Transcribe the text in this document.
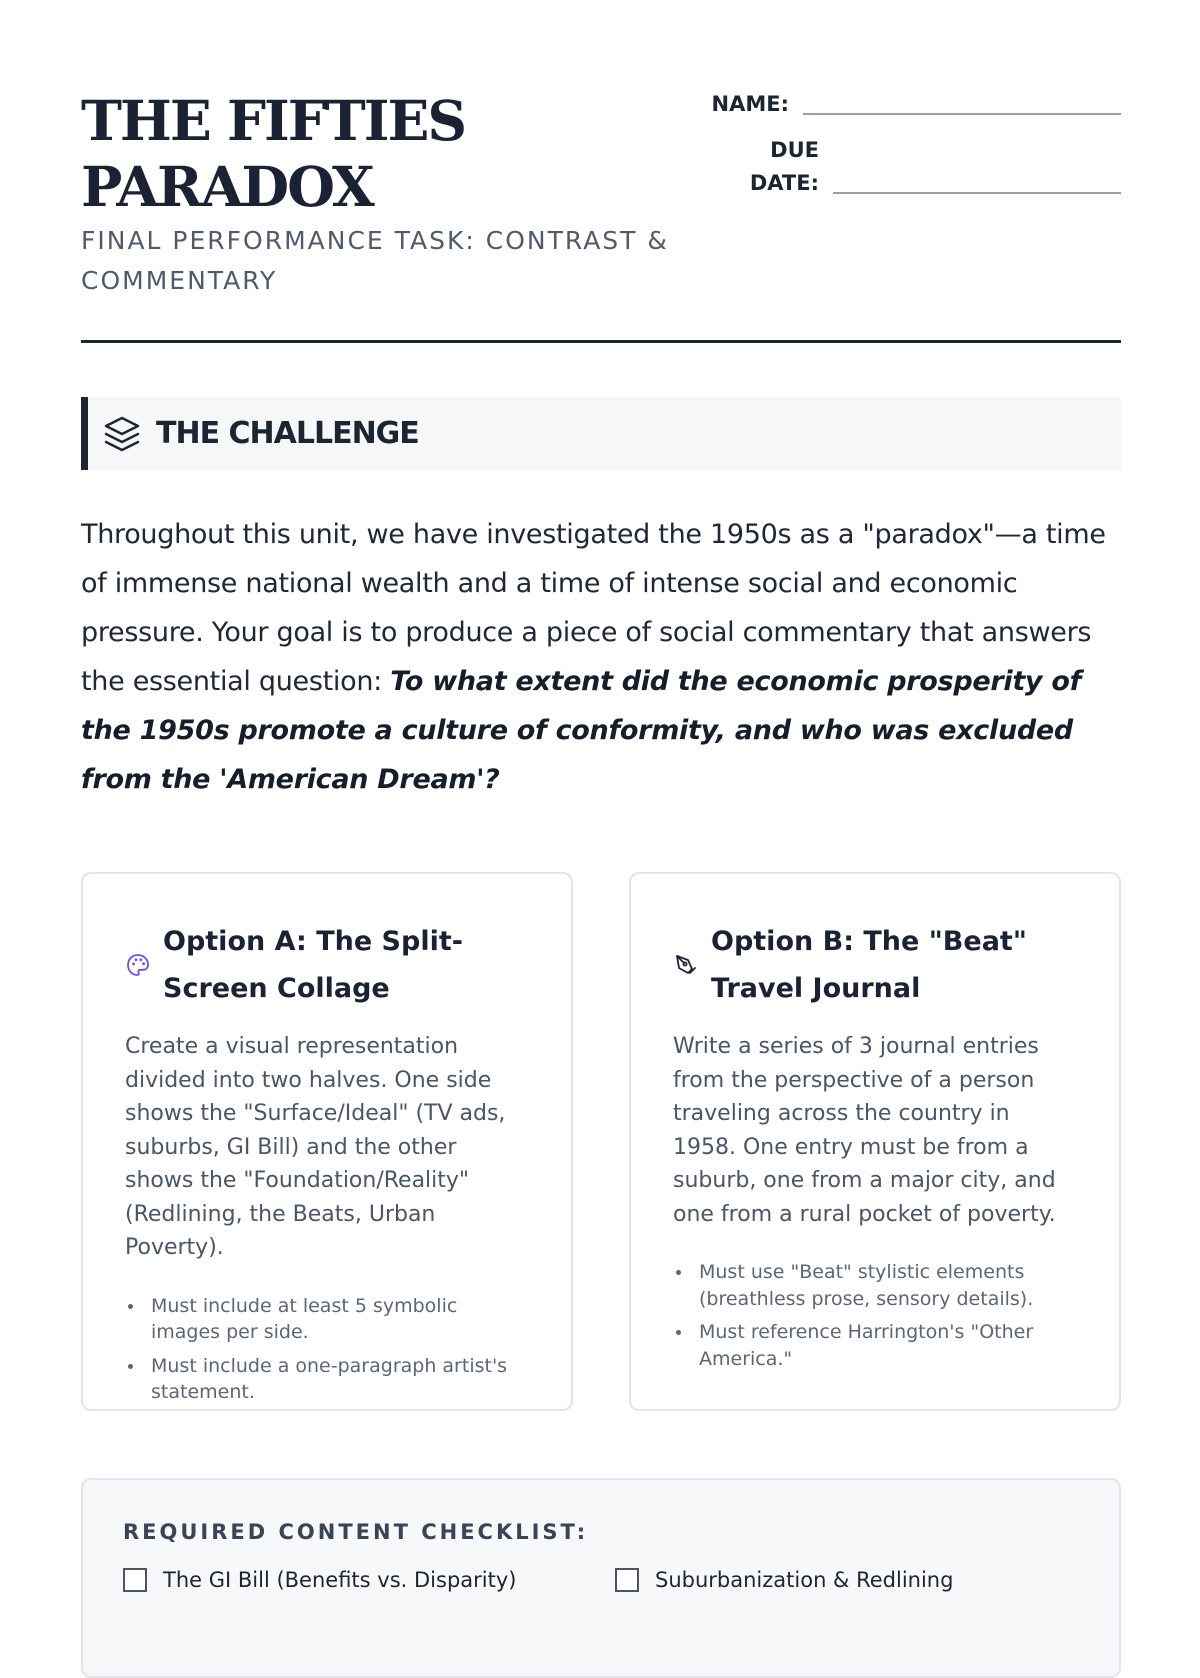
THE FIFTIES PARADOX
FINAL PERFORMANCE TASK: CONTRAST & COMMENTARY
NAME:
DUE DATE:
THE CHALLENGE

Throughout this unit, we have investigated the 1950s as a "paradox"—a time of immense national wealth and a time of intense social and economic pressure. Your goal is to produce a piece of social commentary that answers the essential question: To what extent did the economic prosperity of the 1950s promote a culture of conformity, and who was excluded from the 'American Dream'?

Option A: The Split-Screen Collage

Create a visual representation divided into two halves. One side shows the "Surface/Ideal" (TV ads, suburbs, GI Bill) and the other shows the "Foundation/Reality" (Redlining, the Beats, Urban Poverty).

Must include at least 5 symbolic images per side.
Must include a one-paragraph artist's statement.
Option B: The "Beat" Travel Journal

Write a series of 3 journal entries from the perspective of a person traveling across the country in 1958. One entry must be from a suburb, one from a major city, and one from a rural pocket of poverty.

Must use "Beat" stylistic elements (breathless prose, sensory details).
Must reference Harrington's "Other America."
REQUIRED CONTENT CHECKLIST:
The GI Bill (Benefits vs. Disparity)	Suburbanization & Redlining
